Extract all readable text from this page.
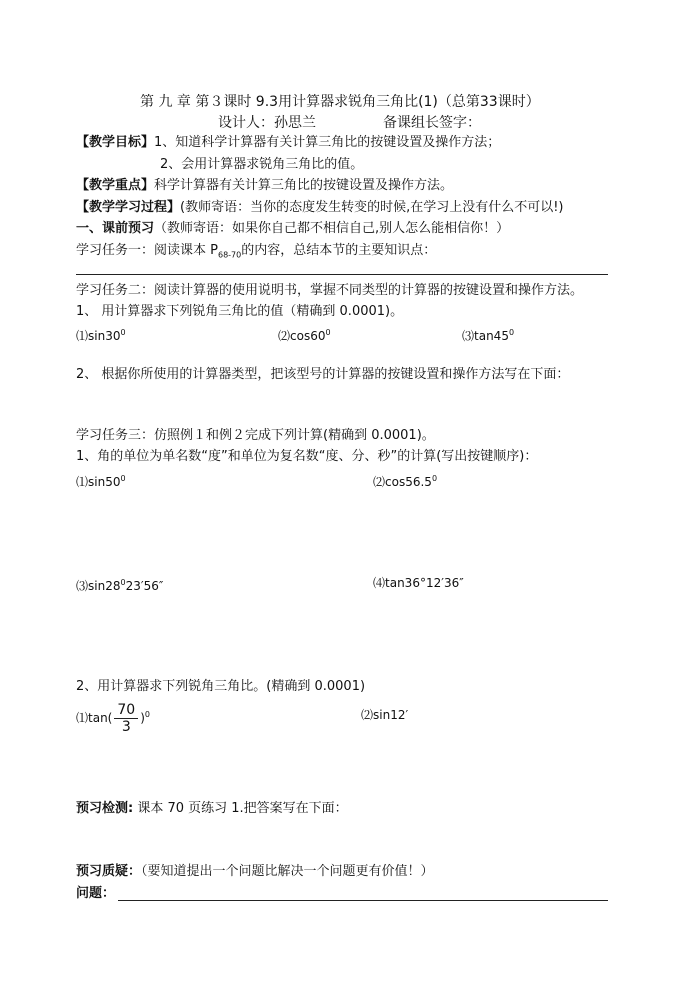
第 九 章 第３课时 9.3用计算器求锐角三角比(1)（总第33课时）
设计人：孙思兰	备课组长签字：
【教学目标】1、知道科学计算器有关计算三角比的按键设置及操作方法；
2、会用计算器求锐角三角比的值。
【教学重点】科学计算器有关计算三角比的按键设置及操作方法。
【教学学习过程】(教师寄语：当你的态度发生转变的时候,在学习上没有什么不可以!)
一、课前预习（教师寄语：如果你自己都不相信自己,别人怎么能相信你！）
学习任务一：阅读课本 $P_{68-70}$的内容，总结本节的主要知识点：
学习任务二：阅读计算器的使用说明书，掌握不同类型的计算器的按键设置和操作方法。
1、 用计算器求下列锐角三角比的值（精确到 0.0001)。
$⑴\sin 30^0$	$⑵\cos 60^0$	$⑶\tan 45^0$
2、 根据你所使用的计算器类型，把该型号的计算器的按键设置和操作方法写在下面：
学习任务三：仿照例１和例２完成下列计算(精确到 0.0001)。
1、角的单位为单名数“度”和单位为复名数“度、分、秒”的计算(写出按键顺序)：
$⑴\sin 50^0$	⑵cos56.5$^0$
$⑶\sin 28^023'56''$	⑷tan36°12′36″
2、用计算器求下列锐角三角比。(精确到 0.0001)
⑴tan( $\frac{70}{3} )^0$	⑵sin12′
预习检测: 课本 70 页练习 1.把答案写在下面：
预习质疑：（要知道提出一个问题比解决一个问题更有价值！）
问题：
